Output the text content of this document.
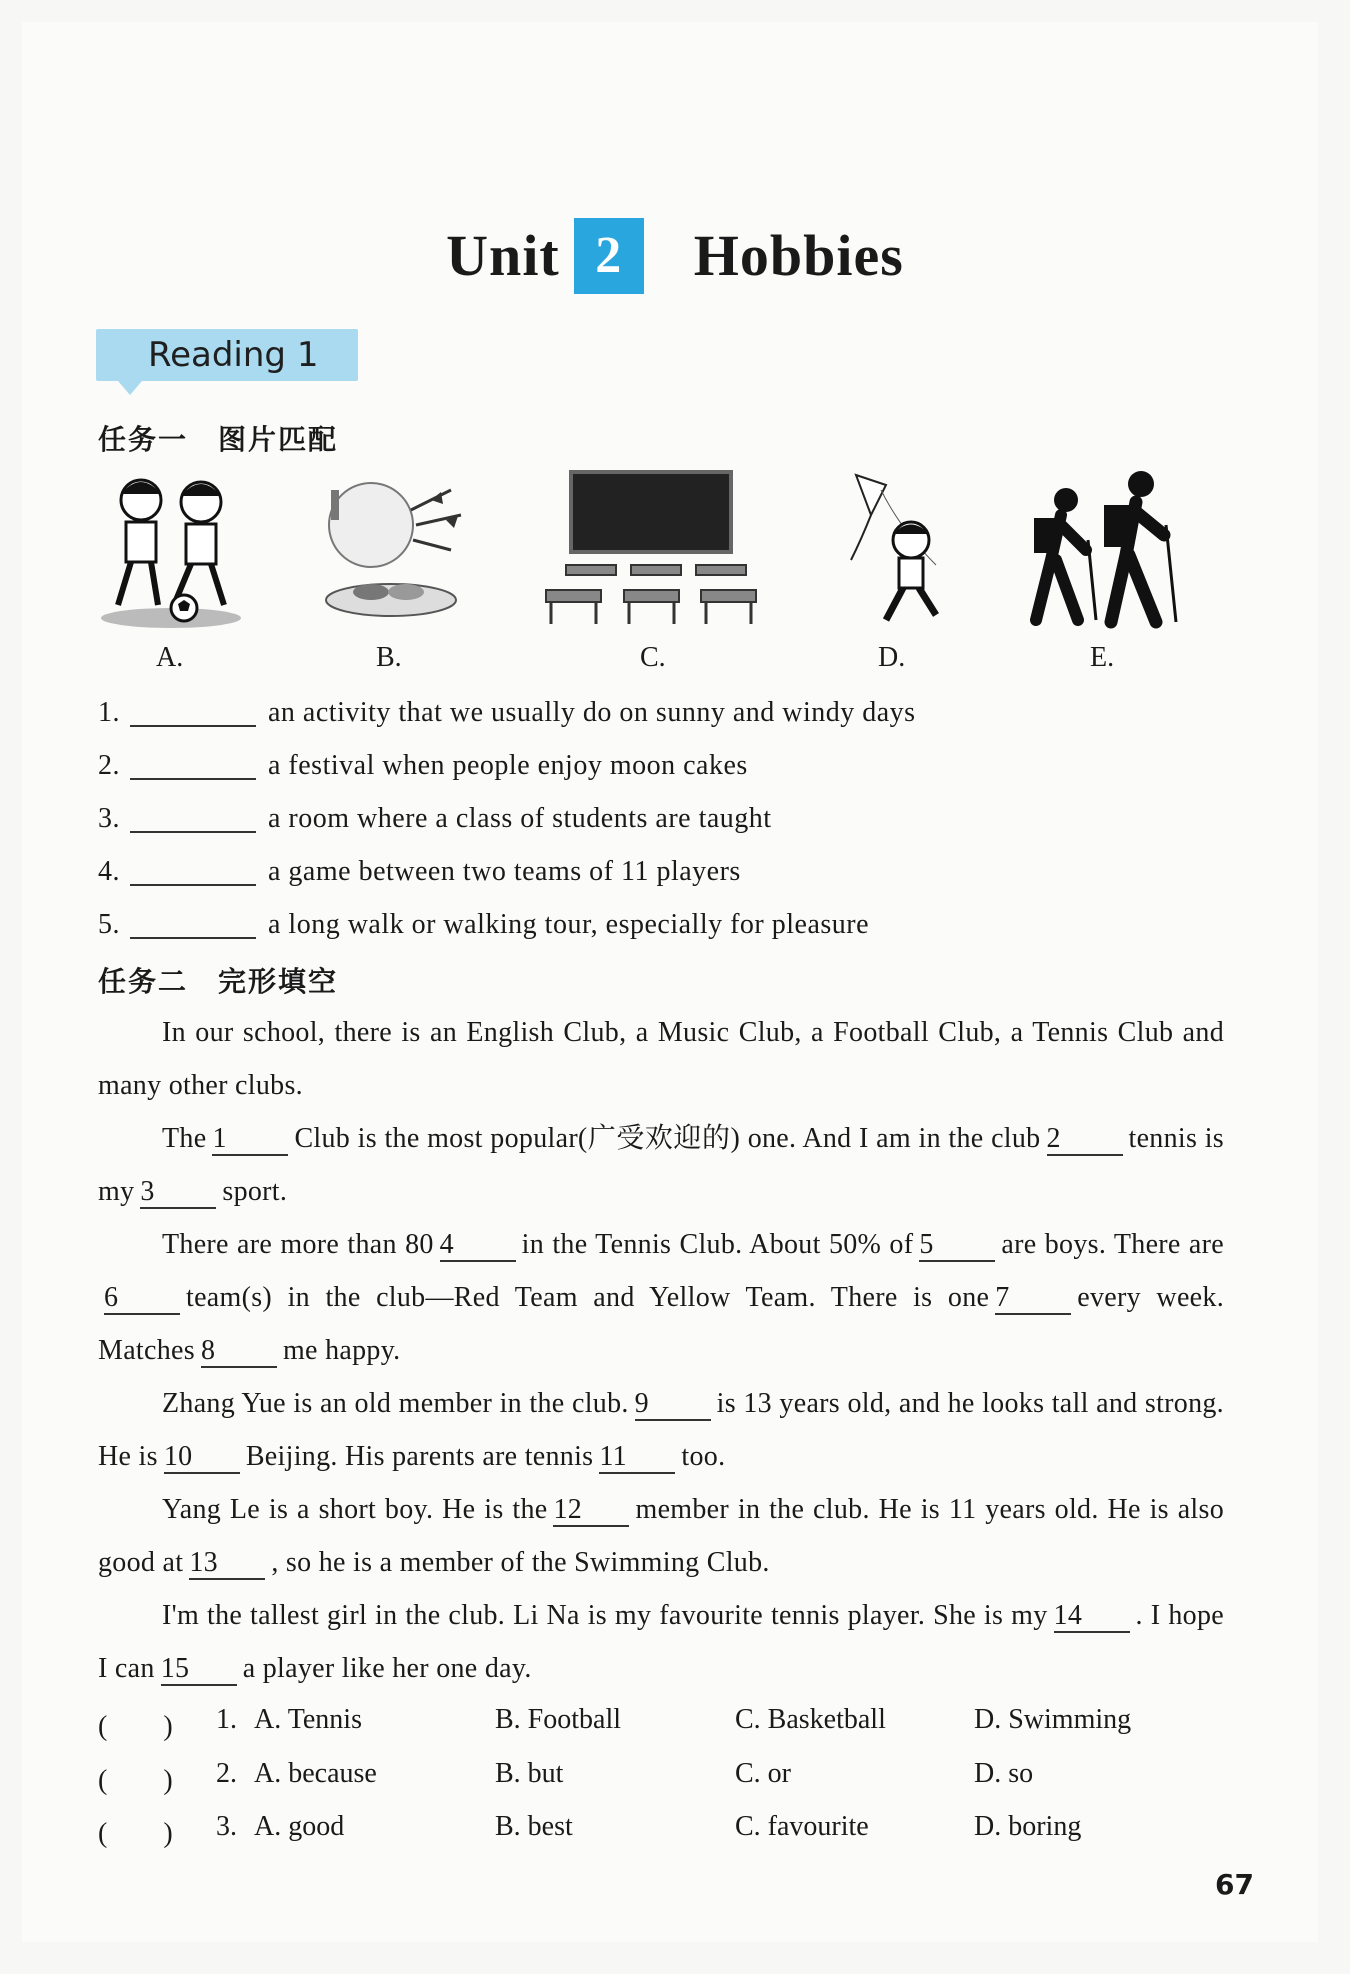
Unit 2 Hobbies
Reading 1
任务一　图片匹配
A.	B.	C.	D.	E.
1.	an activity that we usually do on sunny and windy days
2.	a festival when people enjoy moon cakes
3.	a room where a class of students are taught
4.	a game between two teams of 11 players
5.	a long walk or walking tour, especially for pleasure
任务二　完形填空

In our school, there is an English Club, a Music Club, a Football Club, a Tennis Club and many other clubs.

The 1 Club is the most popular(广受欢迎的) one. And I am in the club 2 tennis is my 3 sport.

There are more than 80 4 in the Tennis Club. About 50% of 5 are boys. There are6 team(s) in the club—Red Team and Yellow Team. There is one 7 every week. Matches 8 me happy.

Zhang Yue is an old member in the club. 9 is 13 years old, and he looks tall and strong. He is 10 Beijing. His parents are tennis 11 too.

Yang Le is a short boy. He is the 12 member in the club. He is 11 years old. He is also good at 13 , so he is a member of the Swimming Club.

I'm the tallest girl in the club. Li Na is my favourite tennis player. She is my 14 . I hope I can 15 a player like her one day.

(　　) 1. A. Tennis	B. Football	C. Basketball	D. Swimming
(　　) 2. A. because	B. but	C. or	D. so
(　　) 3. A. good	B. best	C. favourite	D. boring
67
